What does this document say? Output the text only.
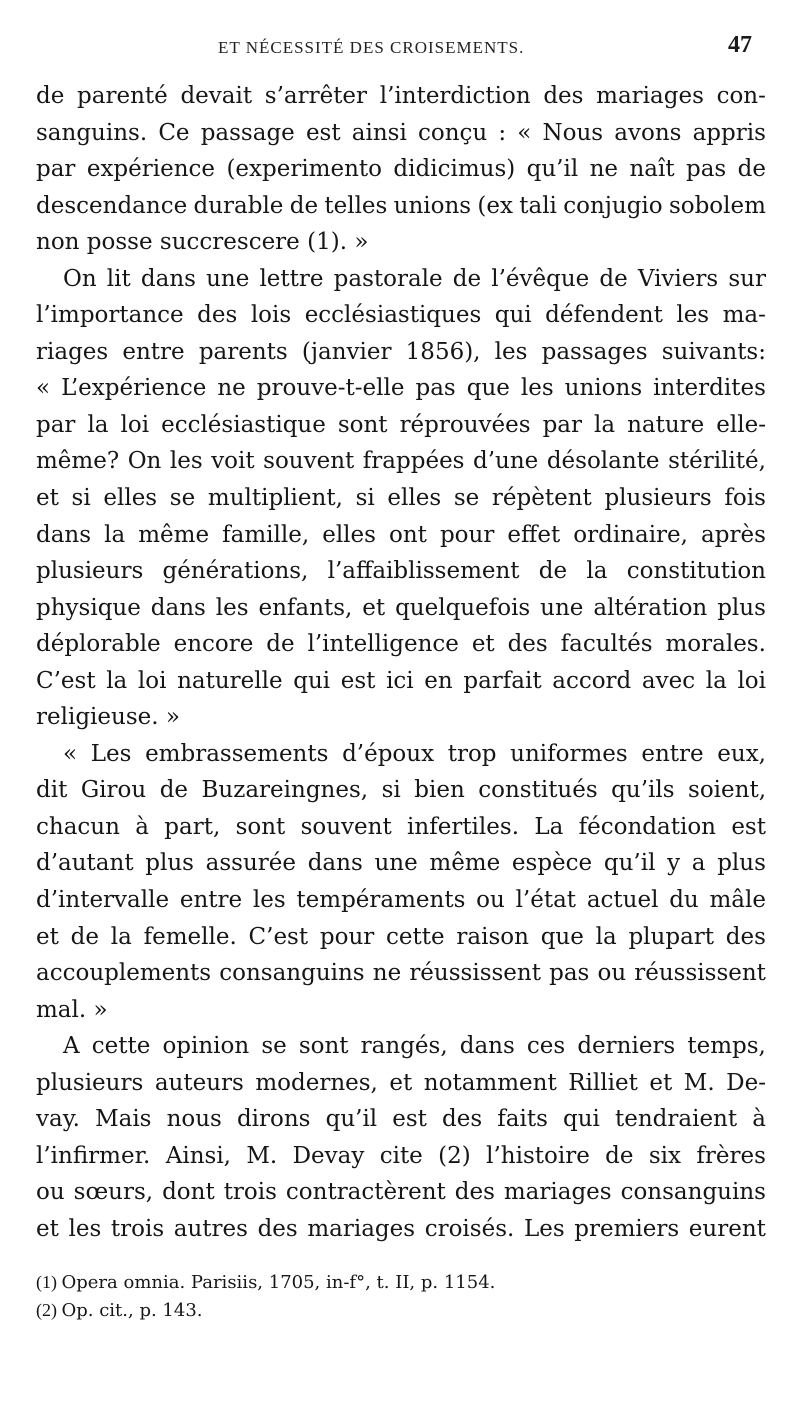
ET NÉCESSITÉ DES CROISEMENTS.	47
de parenté devait s’arrêter l’interdiction des mariages con-
sanguins. Ce passage est ainsi conçu : « Nous avons appris
par expérience (experimento didicimus) qu’il ne naît pas de
descendance durable de telles unions (ex tali conjugio sobolem
non posse succrescere (1). »
On lit dans une lettre pastorale de l’évêque de Viviers sur
l’importance des lois ecclésiastiques qui défendent les ma-
riages entre parents (janvier 1856), les passages suivants:
« L’expérience ne prouve-t-elle pas que les unions interdites
par la loi ecclésiastique sont réprouvées par la nature elle-
même? On les voit souvent frappées d’une désolante stérilité,
et si elles se multiplient, si elles se répètent plusieurs fois
dans la même famille, elles ont pour effet ordinaire, après
plusieurs générations, l’affaiblissement de la constitution
physique dans les enfants, et quelquefois une altération plus
déplorable encore de l’intelligence et des facultés morales.
C’est la loi naturelle qui est ici en parfait accord avec la loi
religieuse. »
« Les embrassements d’époux trop uniformes entre eux,
dit Girou de Buzareingnes, si bien constitués qu’ils soient,
chacun à part, sont souvent infertiles. La fécondation est
d’autant plus assurée dans une même espèce qu’il y a plus
d’intervalle entre les tempéraments ou l’état actuel du mâle
et de la femelle. C’est pour cette raison que la plupart des
accouplements consanguins ne réussissent pas ou réussissent
mal. »
A cette opinion se sont rangés, dans ces derniers temps,
plusieurs auteurs modernes, et notamment Rilliet et M. De-
vay. Mais nous dirons qu’il est des faits qui tendraient à
l’infirmer. Ainsi, M. Devay cite (2) l’histoire de six frères
ou sœurs, dont trois contractèrent des mariages consanguins
et les trois autres des mariages croisés. Les premiers eurent
(1) Opera omnia. Parisiis, 1705, in-f°, t. II, p. 1154.
(2) Op. cit., p. 143.
